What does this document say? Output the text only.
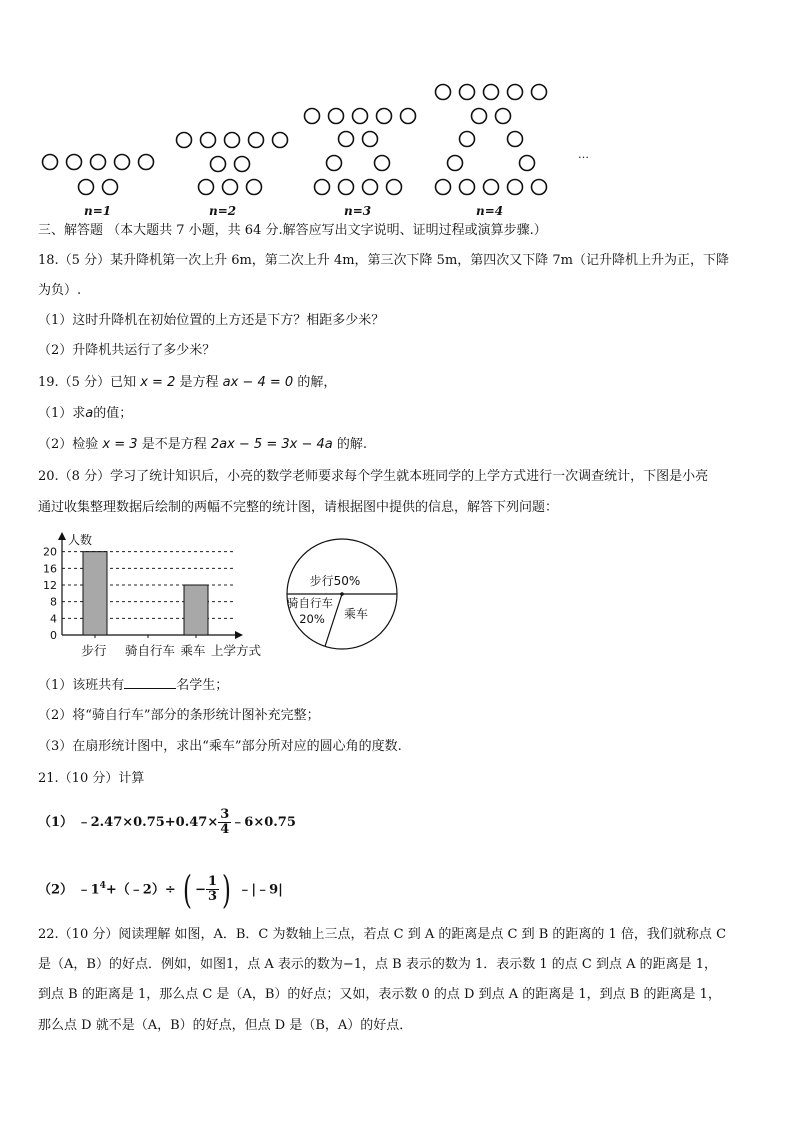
n=1	n=2	n=3	n=4
…
三、解答题 （本大题共 7 小题，共 64 分.解答应写出文字说明、证明过程或演算步骤.）
18.（5 分）某升降机第一次上升 6m，第二次上升 4m，第三次下降 5m，第四次又下降 7m（记升降机上升为正，下降
为负）.
（1）这时升降机在初始位置的上方还是下方？相距多少米？
（2）升降机共运行了多少米？
19.（5 分）已知 x = 2 是方程 ax − 4 = 0 的解，
（1）求a的值；
（2）检验 x = 3 是不是方程 2ax − 5 = 3x − 4a 的解.
20.（8 分）学习了统计知识后，小亮的数学老师要求每个学生就本班同学的上学方式进行一次调查统计，下图是小亮
通过收集整理数据后绘制的两幅不完整的统计图，请根据图中提供的信息，解答下列问题：
0
4
8
12
16
20
人数
步行 骑自行车 乘车 上学方式
步行50%
骑自行车
20% 乘车
（1）该班共有	名学生；
（2）将“骑自行车”部分的条形统计图补充完整；
（3）在扇形统计图中，求出“乘车”部分所对应的圆心角的度数.
21.（10 分）计算
（1） ﹣2.47×0.75+0.47× $\frac{3}{4}$ ﹣6×0.75
（2） $﹣1^4+(﹣2)\div$ ( − $\frac{1}{3}$ ) ﹣|﹣9|
22.（10 分）阅读理解 如图，A．B．C 为数轴上三点，若点 C 到 A 的距离是点 C 到 B 的距离的 1 倍，我们就称点 C
是（A，B）的好点．例如，如图1，点 A 表示的数为−1，点 B 表示的数为 1．表示数 1 的点 C 到点 A 的距离是 1，
到点 B 的距离是 1，那么点 C 是（A，B）的好点；又如，表示数 0 的点 D 到点 A 的距离是 1，到点 B 的距离是 1，
那么点 D 就不是（A，B）的好点，但点 D 是（B，A）的好点．
